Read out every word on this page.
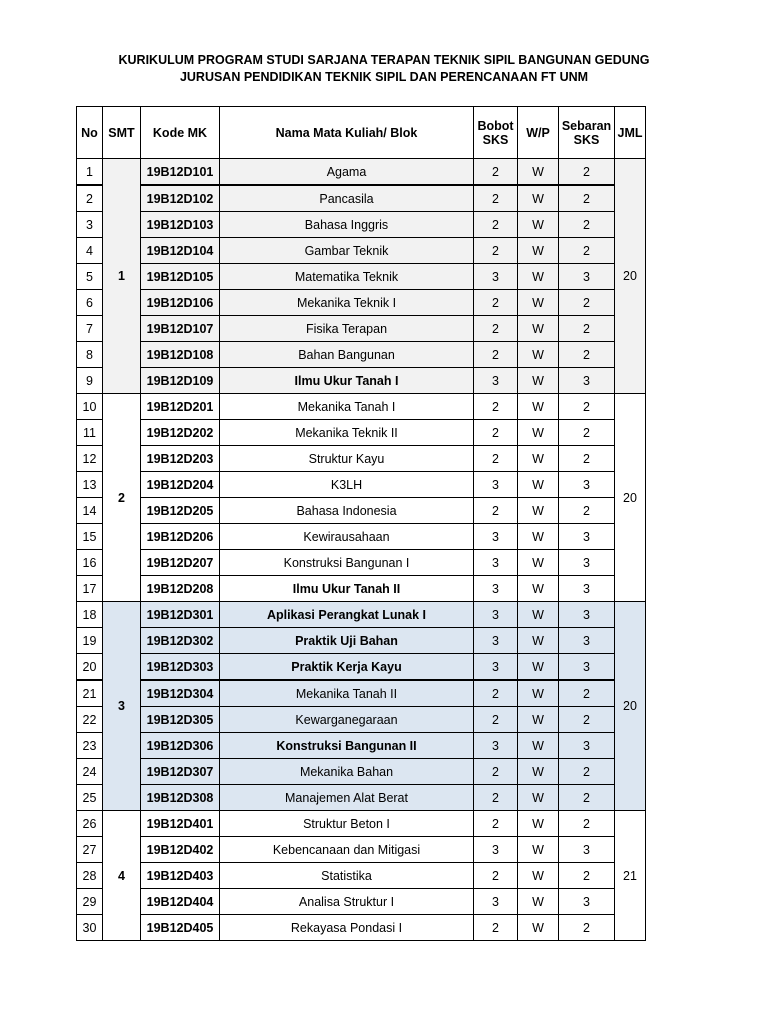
KURIKULUM PROGRAM STUDI SARJANA TERAPAN TEKNIK SIPIL BANGUNAN GEDUNG
JURUSAN PENDIDIKAN TEKNIK SIPIL DAN PERENCANAAN FT UNM
No	SMT	Kode MK	Nama Mata Kuliah/ Blok	Bobot SKS	W/P	Sebaran SKS	JML
1	1	19B12D101	Agama	2	W	2	20
2		19B12D102	Pancasila	2	W	2	
3		19B12D103	Bahasa Inggris	2	W	2	
4		19B12D104	Gambar Teknik	2	W	2	
5		19B12D105	Matematika Teknik	3	W	3	
6		19B12D106	Mekanika Teknik I	2	W	2	
7		19B12D107	Fisika Terapan	2	W	2	
8		19B12D108	Bahan Bangunan	2	W	2	
9		19B12D109	Ilmu Ukur Tanah I	3	W	3	
10	2	19B12D201	Mekanika Tanah I	2	W	2	20
11		19B12D202	Mekanika Teknik II	2	W	2	
12		19B12D203	Struktur Kayu	2	W	2	
13		19B12D204	K3LH	3	W	3	
14		19B12D205	Bahasa Indonesia	2	W	2	
15		19B12D206	Kewirausahaan	3	W	3	
16		19B12D207	Konstruksi Bangunan I	3	W	3	
17		19B12D208	Ilmu Ukur Tanah II	3	W	3	
18	3	19B12D301	Aplikasi Perangkat Lunak I	3	W	3	20
19		19B12D302	Praktik Uji Bahan	3	W	3	
20		19B12D303	Praktik Kerja Kayu	3	W	3	
21		19B12D304	Mekanika Tanah II	2	W	2	
22		19B12D305	Kewarganegaraan	2	W	2	
23		19B12D306	Konstruksi Bangunan II	3	W	3	
24		19B12D307	Mekanika Bahan	2	W	2	
25		19B12D308	Manajemen Alat Berat	2	W	2	
26	4	19B12D401	Struktur Beton I	2	W	2	21
27		19B12D402	Kebencanaan dan Mitigasi	3	W	3	
28		19B12D403	Statistika	2	W	2	
29		19B12D404	Analisa Struktur I	3	W	3	
30		19B12D405	Rekayasa Pondasi I	2	W	2	
